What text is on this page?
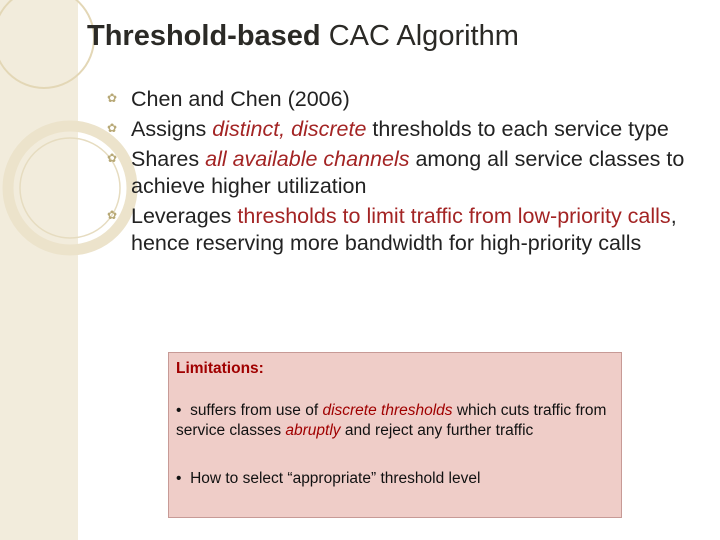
Threshold-based CAC Algorithm
✿ Chen and Chen (2006)
✿ Assigns distinct, discrete thresholds to each service type
✿ Shares all available channels among all service classes to achieve higher utilization
✿ Leverages thresholds to limit traffic from low-priority calls, hence reserving more bandwidth for high-priority calls
Limitations:

• suffers from use of discrete thresholds which cuts traffic from service classes abruptly and reject any further traffic

• How to select “appropriate” threshold level
